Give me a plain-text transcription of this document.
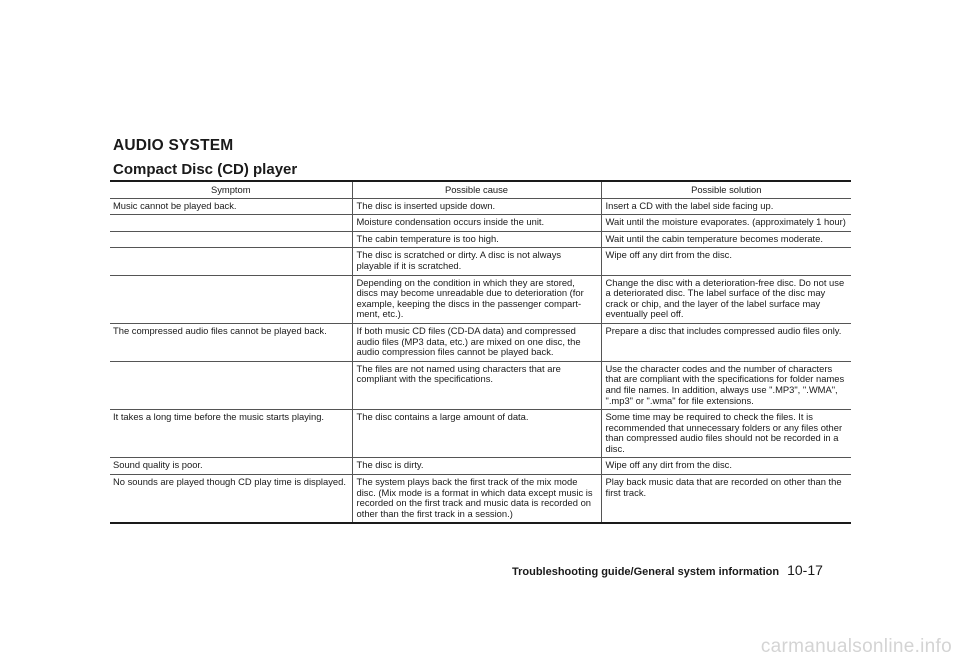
AUDIO SYSTEM
Compact Disc (CD) player
Symptom	Possible cause	Possible solution
Music cannot be played back.	The disc is inserted upside down.	Insert a CD with the label side facing up.
	Moisture condensation occurs inside the unit.	Wait until the moisture evaporates. (approximately 1 hour)
	The cabin temperature is too high.	Wait until the cabin temperature becomes moderate.
	The disc is scratched or dirty. A disc is not always playable if it is scratched.	Wipe off any dirt from the disc.
	Depending on the condition in which they are stored, discs may become unreadable due to deterioration (for example, keeping the discs in the passenger compart-ment, etc.).	Change the disc with a deterioration-free disc. Do not use a deteriorated disc. The label surface of the disc may crack or chip, and the layer of the label surface may eventually peel off.
The compressed audio files cannot be played back.	If both music CD files (CD-DA data) and compressed audio files (MP3 data, etc.) are mixed on one disc, the audio compression files cannot be played back.	Prepare a disc that includes compressed audio files only.
	The files are not named using characters that are compliant with the specifications.	Use the character codes and the number of characters that are compliant with the specifications for folder names and file names. In addition, always use ".MP3", ".WMA", ".mp3" or ".wma" for file extensions.
It takes a long time before the music starts playing.	The disc contains a large amount of data.	Some time may be required to check the files. It is recommended that unnecessary folders or any files other than compressed audio files should not be recorded in a disc.
Sound quality is poor.	The disc is dirty.	Wipe off any dirt from the disc.
No sounds are played though CD play time is displayed.	The system plays back the first track of the mix mode disc. (Mix mode is a format in which data except music is recorded on the first track and music data is recorded on other than the first track in a session.)	Play back music data that are recorded on other than the first track.
Troubleshooting guide/General system information 10-17
carmanualsonline.info
